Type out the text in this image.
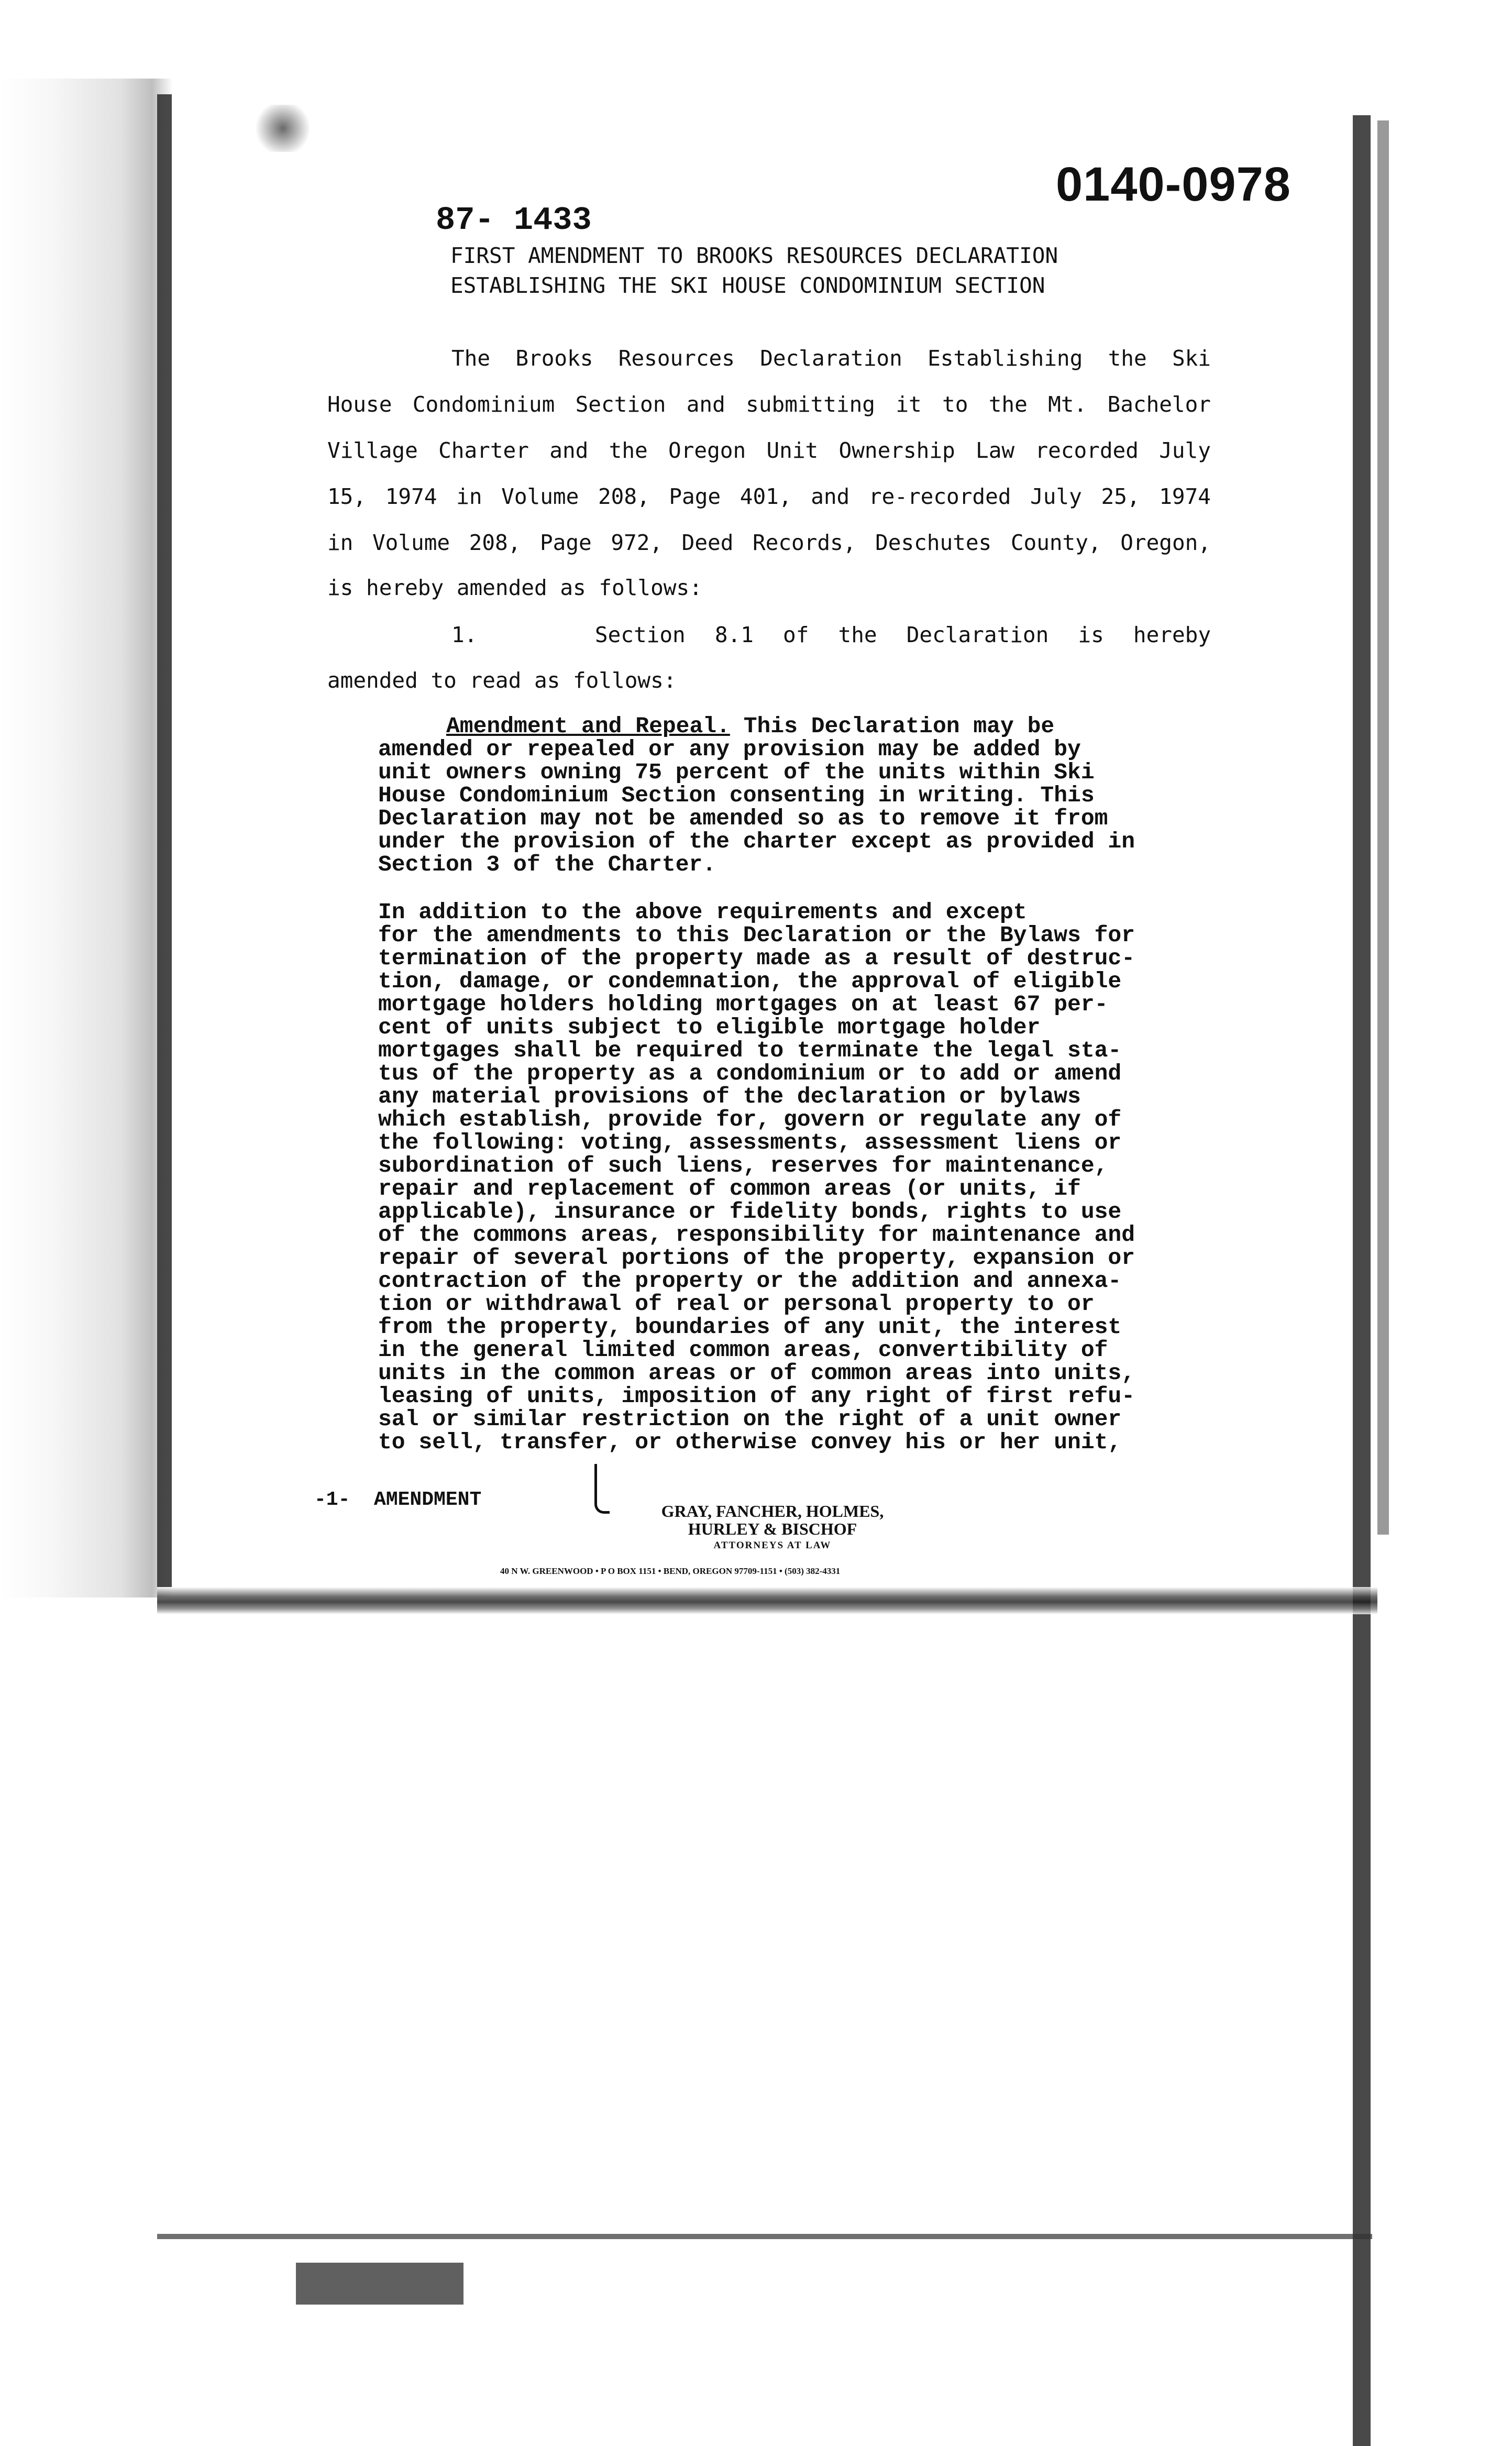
0140-0978
87- 1433
FIRST AMENDMENT TO BROOKS RESOURCES DECLARATION
ESTABLISHING THE SKI HOUSE CONDOMINIUM SECTION
The Brooks Resources Declaration Establishing the Ski
House Condominium Section and submitting it to the Mt. Bachelor
Village Charter and the Oregon Unit Ownership Law recorded July
15, 1974 in Volume 208, Page 401, and re-recorded July 25, 1974
in Volume 208, Page 972, Deed Records, Deschutes County, Oregon,
is hereby amended as follows:
1.    Section 8.1 of the Declaration is hereby
amended to read as follows:
Amendment and Repeal. This Declaration may be
amended or repealed or any provision may be added by
unit owners owning 75 percent of the units within Ski
House Condominium Section consenting in writing. This
Declaration may not be amended so as to remove it from
under the provision of the charter except as provided in
Section 3 of the Charter.
In addition to the above requirements and except
for the amendments to this Declaration or the Bylaws for
termination of the property made as a result of destruc-
tion, damage, or condemnation, the approval of eligible
mortgage holders holding mortgages on at least 67 per-
cent of units subject to eligible mortgage holder
mortgages shall be required to terminate the legal sta-
tus of the property as a condominium or to add or amend
any material provisions of the declaration or bylaws
which establish, provide for, govern or regulate any of
the following: voting, assessments, assessment liens or
subordination of such liens, reserves for maintenance,
repair and replacement of common areas (or units, if
applicable), insurance or fidelity bonds, rights to use
of the commons areas, responsibility for maintenance and
repair of several portions of the property, expansion or
contraction of the property or the addition and annexa-
tion or withdrawal of real or personal property to or
from the property, boundaries of any unit, the interest
in the general limited common areas, convertibility of
units in the common areas or of common areas into units,
leasing of units, imposition of any right of first refu-
sal or similar restriction on the right of a unit owner
to sell, transfer, or otherwise convey his or her unit,
-1-  AMENDMENT	GRAY, FANCHER, HOLMES,
HURLEY & BISCHOF
ATTORNEYS AT LAW
40 N W. GREENWOOD • P O BOX 1151 • BEND, OREGON 97709-1151 • (503) 382-4331
